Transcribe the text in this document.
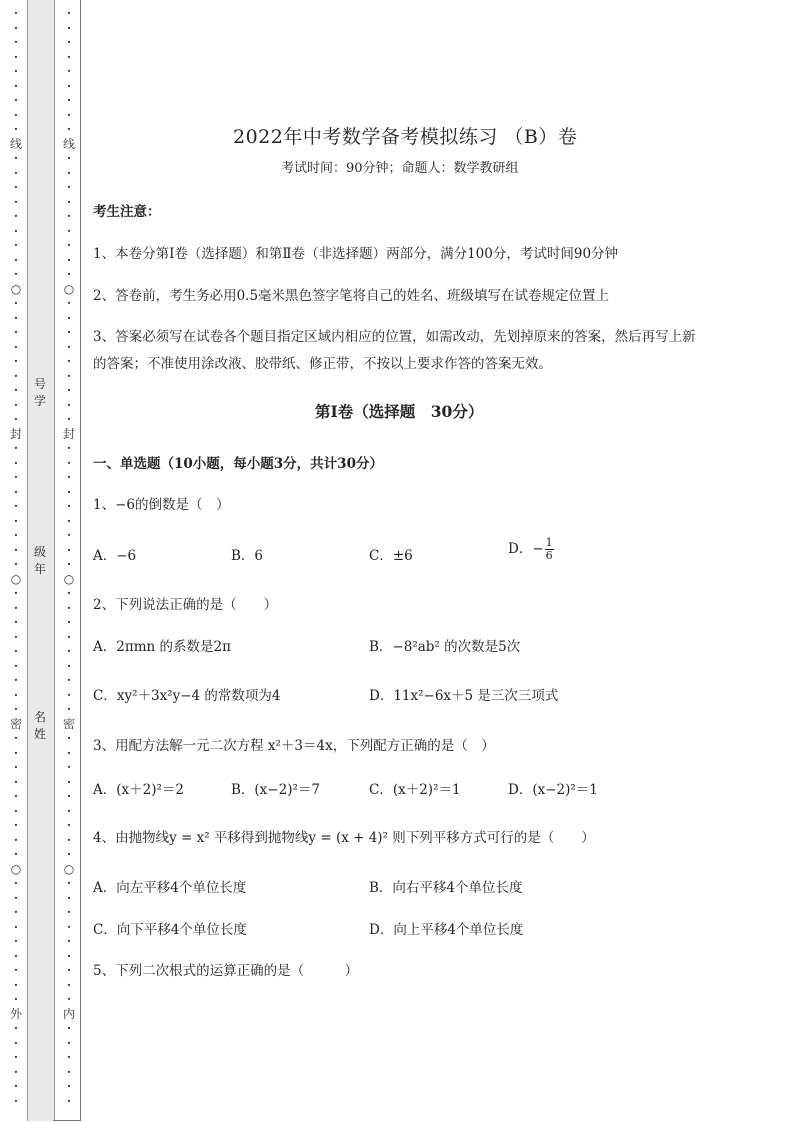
·
·
·
·
·
·
·
·
·
线
·
·
·
·
·
·
·
·
·
○
·
·
·
·
·
·
·
·
·
封
·
·
·
·
·
·
·
·
·
○
·
·
·
·
·
·
·
·
·
密
·
·
·
·
·
·
·
·
·
○
·
·
·
·
·
·
·
·
·
外
·
·
·
·
·
·
·
·
·
·
·
·
·
·
·
线
·
·
·
·
·
·
·
·
·
○
·
·
·
·
·
·
·
·
·
封
·
·
·
·
·
·
·
·
·
○
·
·
·
·
·
·
·
·
·
密
·
·
·
·
·
·
·
·
·
○
·
·
·
·
·
·
·
·
·
内
·
·
·
·
·
·
号
学
级
年
名
姓
2022年中考数学备考模拟练习 （B）卷
考试时间：90分钟；命题人：数学教研组
考生注意：
1、本卷分第I卷（选择题）和第Ⅱ卷（非选择题）两部分，满分100分，考试时间90分钟
2、答卷前，考生务必用0.5毫米黑色签字笔将自己的姓名、班级填写在试卷规定位置上
3、答案必须写在试卷各个题目指定区域内相应的位置，如需改动，先划掉原来的答案，然后再写上新
的答案；不准使用涂改液、胶带纸、修正带，不按以上要求作答的答案无效。
第I卷（选择题　30分）
一、单选题（10小题，每小题3分，共计30分）
1、−6的倒数是（　）
A．−6	B．6	C．±6	D．− $\frac{1}{6}$
2、下列说法正确的是（　　）
A．2πmn 的系数是2π	B．−8²ab² 的次数是5次
C．xy²＋3x²y−4 的常数项为4	D．11x²−6x＋5 是三次三项式
3、用配方法解一元二次方程 x²＋3＝4x，下列配方正确的是（　）
A．(x＋2)²＝2	B．(x−2)²＝7	C．(x＋2)²＝1	D．(x−2)²＝1
4、由抛物线y = x² 平移得到抛物线y = (x + 4)² 则下列平移方式可行的是（　　）
A．向左平移4个单位长度	B．向右平移4个单位长度
C．向下平移4个单位长度	D．向上平移4个单位长度
5、下列二次根式的运算正确的是（　　　）
